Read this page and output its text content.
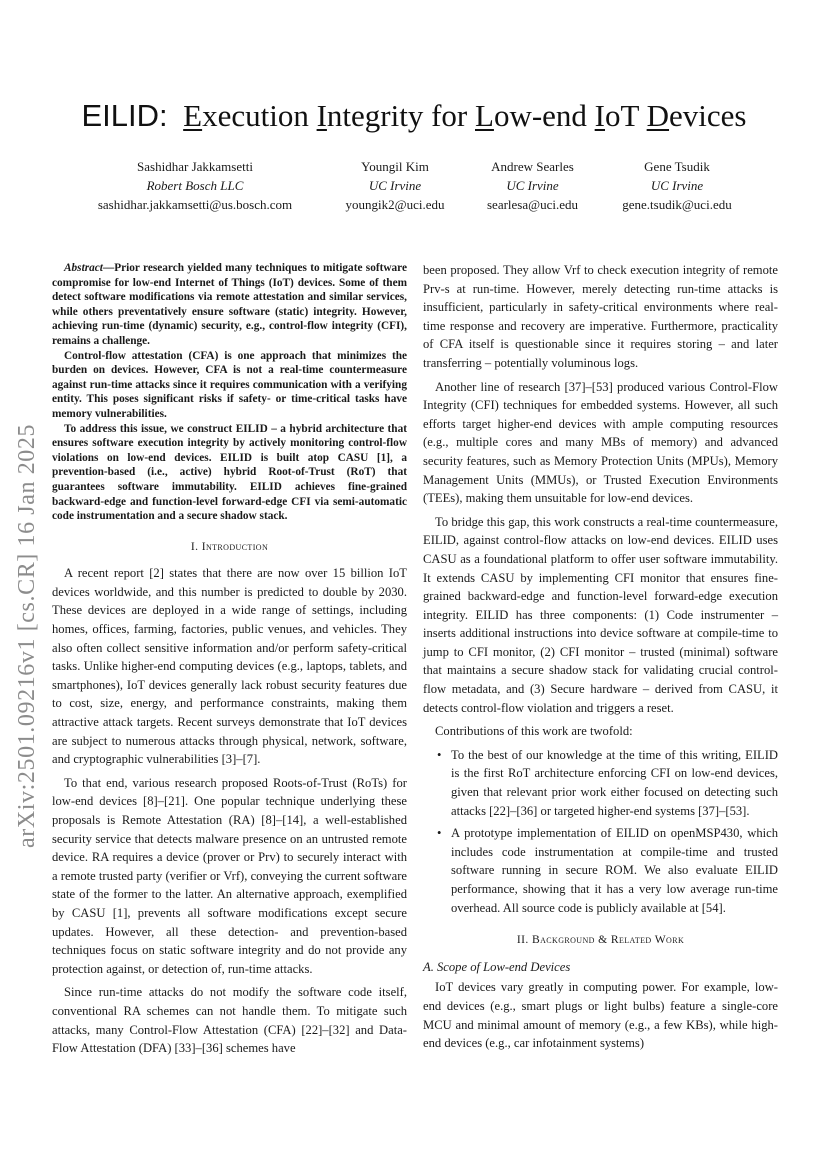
arXiv:2501.09216v1 [cs.CR] 16 Jan 2025
EILID: Execution Integrity for Low-end IoT Devices
Sashidhar Jakkamsetti
Robert Bosch LLC
sashidhar.jakkamsetti@us.bosch.com
Youngil Kim
UC Irvine
youngik2@uci.edu
Andrew Searles
UC Irvine
searlesa@uci.edu
Gene Tsudik
UC Irvine
gene.tsudik@uci.edu

Abstract—Prior research yielded many techniques to mitigate software compromise for low-end Internet of Things (IoT) devices. Some of them detect software modifications via remote attestation and similar services, while others preventatively ensure software (static) integrity. However, achieving run-time (dynamic) security, e.g., control-flow integrity (CFI), remains a challenge.

Control-flow attestation (CFA) is one approach that minimizes the burden on devices. However, CFA is not a real-time countermeasure against run-time attacks since it requires communication with a verifying entity. This poses significant risks if safety- or time-critical tasks have memory vulnerabilities.

To address this issue, we construct EILID – a hybrid architecture that ensures software execution integrity by actively monitoring control-flow violations on low-end devices. EILID is built atop CASU [1], a prevention-based (i.e., active) hybrid Root-of-Trust (RoT) that guarantees software immutability. EILID achieves fine-grained backward-edge and function-level forward-edge CFI via semi-automatic code instrumentation and a secure shadow stack.

I. Introduction

A recent report [2] states that there are now over 15 billion IoT devices worldwide, and this number is predicted to double by 2030. These devices are deployed in a wide range of settings, including homes, offices, farming, factories, public venues, and vehicles. They also often collect sensitive information and/or perform safety-critical tasks. Unlike higher-end computing devices (e.g., laptops, tablets, and smartphones), IoT devices generally lack robust security features due to cost, size, energy, and performance constraints, making them attractive attack targets. Recent surveys demonstrate that IoT devices are subject to numerous attacks through physical, network, software, and cryptographic vulnerabilities [3]–[7].

To that end, various research proposed Roots-of-Trust (RoTs) for low-end devices [8]–[21]. One popular technique underlying these proposals is Remote Attestation (RA) [8]–[14], a well-established security service that detects malware presence on an untrusted remote device. RA requires a device (prover or Prv) to securely interact with a remote trusted party (verifier or Vrf), conveying the current software state of the former to the latter. An alternative approach, exemplified by CASU [1], prevents all software modifications except secure updates. However, all these detection- and prevention-based techniques focus on static software integrity and do not provide any protection against, or detection of, run-time attacks.

Since run-time attacks do not modify the software code itself, conventional RA schemes can not handle them. To mitigate such attacks, many Control-Flow Attestation (CFA) [22]–[32] and Data-Flow Attestation (DFA) [33]–[36] schemes have

been proposed. They allow Vrf to check execution integrity of remote Prv-s at run-time. However, merely detecting run-time attacks is insufficient, particularly in safety-critical environments where real-time response and recovery are imperative. Furthermore, practicality of CFA itself is questionable since it requires storing – and later transferring – potentially voluminous logs.

Another line of research [37]–[53] produced various Control-Flow Integrity (CFI) techniques for embedded systems. However, all such efforts target higher-end devices with ample computing resources (e.g., multiple cores and many MBs of memory) and advanced security features, such as Memory Protection Units (MPUs), Memory Management Units (MMUs), or Trusted Execution Environments (TEEs), making them unsuitable for low-end devices.

To bridge this gap, this work constructs a real-time countermeasure, EILID, against control-flow attacks on low-end devices. EILID uses CASU as a foundational platform to offer user software immutability. It extends CASU by implementing CFI monitor that ensures fine-grained backward-edge and function-level forward-edge execution integrity. EILID has three components: (1) Code instrumenter – inserts additional instructions into device software at compile-time to jump to CFI monitor, (2) CFI monitor – trusted (minimal) software that maintains a secure shadow stack for validating crucial control-flow metadata, and (3) Secure hardware – derived from CASU, it detects control-flow violation and triggers a reset.

Contributions of this work are twofold:

• To the best of our knowledge at the time of this writing, EILID is the first RoT architecture enforcing CFI on low-end devices, given that relevant prior work either focused on detecting such attacks [22]–[36] or targeted higher-end systems [37]–[53].
• A prototype implementation of EILID on openMSP430, which includes code instrumentation at compile-time and trusted software running in secure ROM. We also evaluate EILID performance, showing that it has a very low average run-time overhead. All source code is publicly available at [54].
II. Background & Related Work
A. Scope of Low-end Devices

IoT devices vary greatly in computing power. For example, low-end devices (e.g., smart plugs or light bulbs) feature a single-core MCU and minimal amount of memory (e.g., a few KBs), while high-end devices (e.g., car infotainment systems)
